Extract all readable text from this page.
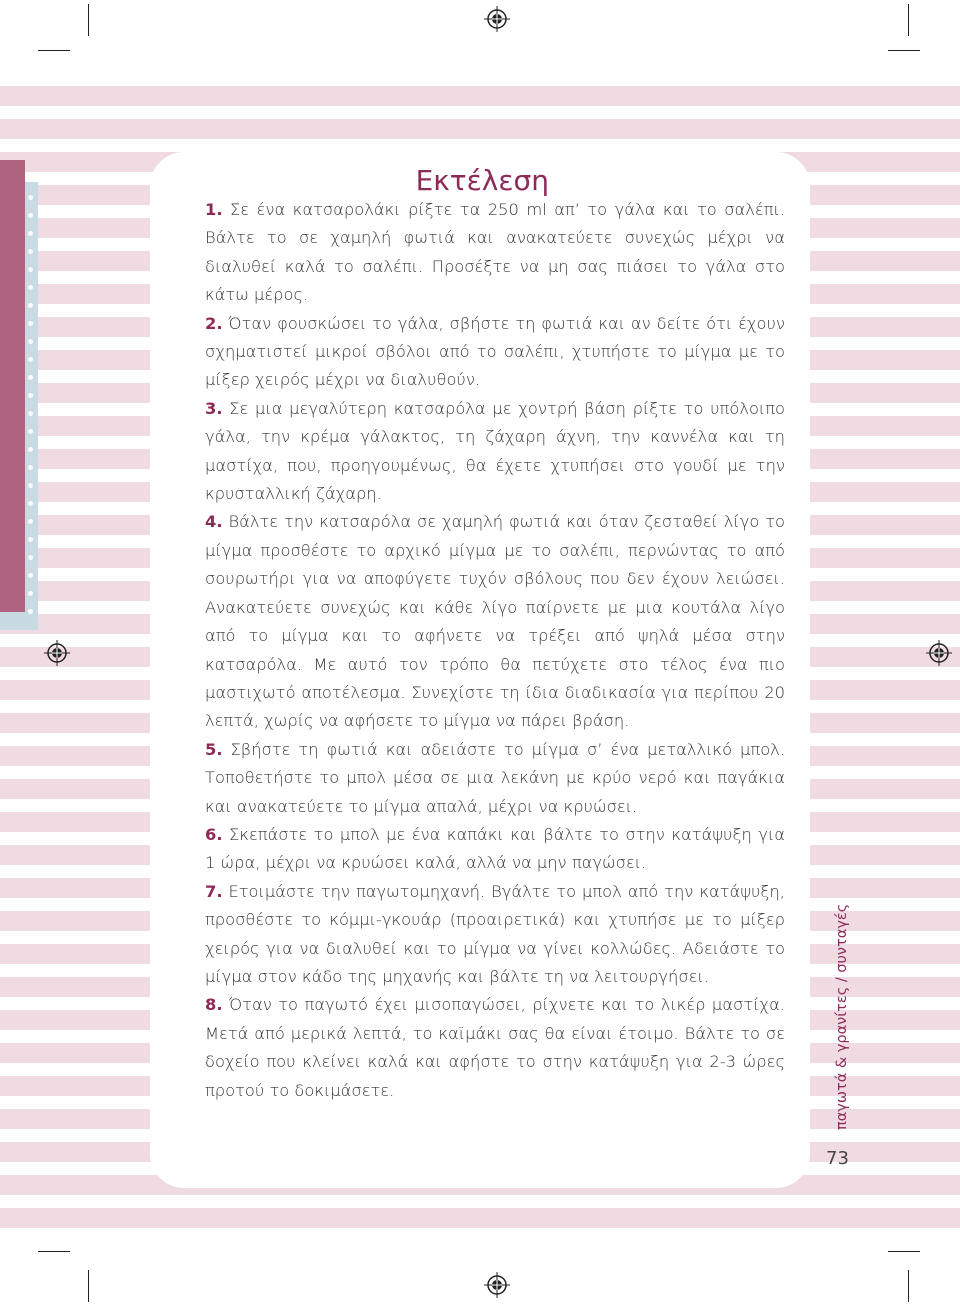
Εκτέλεση

1. Σε ένα κατσαρολάκι ρίξτε τα 250 ml απ’ το γάλα και το σαλέπι. Βάλτε το σε χαμηλή φωτιά και ανακατεύετε συνεχώς μέχρι να διαλυθεί καλά το σαλέπι. Προσέξτε να μη σας πιάσει το γάλα στο κάτω μέρος.

2. Όταν φουσκώσει το γάλα, σβήστε τη φωτιά και αν δείτε ότι έχουν σχηματιστεί μικροί σβόλοι από το σαλέπι, χτυπήστε το μίγμα με το μίξερ χειρός μέχρι να διαλυθούν.

3. Σε μια μεγαλύτερη κατσαρόλα με χοντρή βάση ρίξτε το υπόλοιπο γάλα, την κρέμα γάλακτος, τη ζάχαρη άχνη, την καννέλα και τη μαστίχα, που, προηγουμένως, θα έχετε χτυπήσει στο γουδί με την κρυσταλλική ζάχαρη.

4. Βάλτε την κατσαρόλα σε χαμηλή φωτιά και όταν ζεσταθεί λίγο το μίγμα προσθέστε το αρχικό μίγμα με το σαλέπι, περνώντας το από σουρωτήρι για να αποφύγετε τυχόν σβόλους που δεν έχουν λειώσει. Ανακατεύετε συνεχώς και κάθε λίγο παίρνετε με μια κουτάλα λίγο από το μίγμα και το αφήνετε να τρέξει από ψηλά μέσα στην κατσαρόλα. Με αυτό τον τρόπο θα πετύχετε στο τέλος ένα πιο μαστιχωτό αποτέλεσμα. Συνεχίστε τη ίδια διαδικασία για περίπου 20 λεπτά, χωρίς να αφήσετε το μίγμα να πάρει βράση.

5. Σβήστε τη φωτιά και αδειάστε το μίγμα σ’ ένα μεταλλικό μπολ. Τοποθετήστε το μπολ μέσα σε μια λεκάνη με κρύο νερό και παγάκια και ανακατεύετε το μίγμα απαλά, μέχρι να κρυώσει.

6. Σκεπάστε το μπολ με ένα καπάκι και βάλτε το στην κατάψυξη για 1 ώρα, μέχρι να κρυώσει καλά, αλλά να μην παγώσει.

7. Ετοιμάστε την παγωτομηχανή. Βγάλτε το μπολ από την κατάψυξη, προσθέστε το κόμμι-γκουάρ (προαιρετικά) και χτυπήσε με το μίξερ χειρός για να διαλυθεί και το μίγμα να γίνει κολλώδες. Αδειάστε το μίγμα στον κάδο της μηχανής και βάλτε τη να λειτουργήσει.

8. Όταν το παγωτό έχει μισοπαγώσει, ρίχνετε και το λικέρ μαστίχα. Μετά από μερικά λεπτά, το καϊμάκι σας θα είναι έτοιμο. Βάλτε το σε δοχείο που κλείνει καλά και αφήστε το στην κατάψυξη για 2-3 ώρες προτού το δοκιμάσετε.	παγωτά & γρανίτες / συνταγές
73
